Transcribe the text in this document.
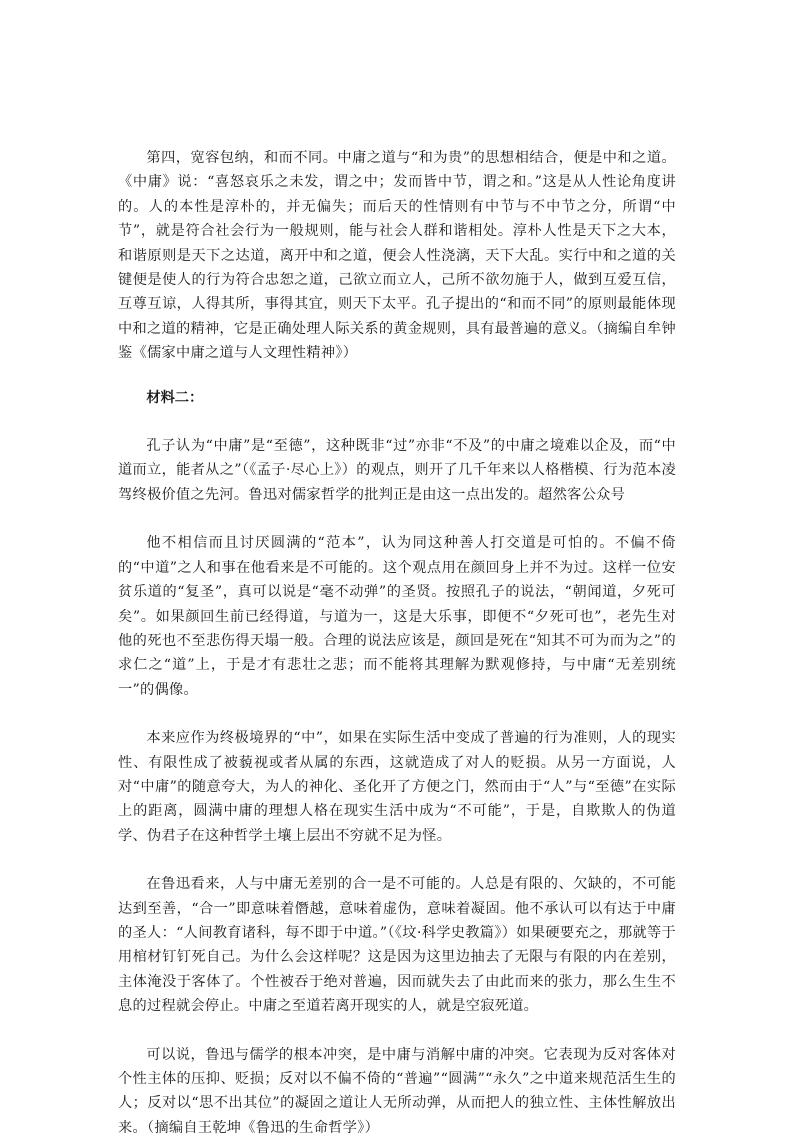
第四，宽容包纳，和而不同。中庸之道与“和为贵”的思想相结合，便是中和之道。《中庸》说：“喜怒哀乐之未发，谓之中；发而皆中节，谓之和。”这是从人性论角度讲的。人的本性是淳朴的，并无偏失；而后天的性情则有中节与不中节之分，所谓“中节”，就是符合社会行为一般规则，能与社会人群和谐相处。淳朴人性是天下之大本，和谐原则是天下之达道，离开中和之道，便会人性浇漓，天下大乱。实行中和之道的关键便是使人的行为符合忠恕之道，己欲立而立人，己所不欲勿施于人，做到互爱互信，互尊互谅，人得其所，事得其宜，则天下太平。孔子提出的“和而不同”的原则最能体现中和之道的精神，它是正确处理人际关系的黄金规则，具有最普遍的意义。（摘编自牟钟鉴《儒家中庸之道与人文理性精神》）

材料二：

孔子认为“中庸”是“至德”，这种既非“过”亦非“不及”的中庸之境难以企及，而“中道而立，能者从之”（《孟子·尽心上》）的观点，则开了几千年来以人格楷模、行为范本凌驾终极价值之先河。鲁迅对儒家哲学的批判正是由这一点出发的。超然客公众号

他不相信而且讨厌圆满的“范本”，认为同这种善人打交道是可怕的。不偏不倚的“中道”之人和事在他看来是不可能的。这个观点用在颜回身上并不为过。这样一位安贫乐道的“复圣”，真可以说是“毫不动弹”的圣贤。按照孔子的说法，“朝闻道，夕死可矣”。如果颜回生前已经得道，与道为一，这是大乐事，即便不“夕死可也”，老先生对他的死也不至悲伤得天塌一般。合理的说法应该是，颜回是死在“知其不可为而为之”的求仁之“道”上，于是才有悲壮之悲；而不能将其理解为默观修持，与中庸“无差别统一”的偶像。

本来应作为终极境界的“中”，如果在实际生活中变成了普遍的行为准则，人的现实性、有限性成了被藐视或者从属的东西，这就造成了对人的贬损。从另一方面说，人对“中庸”的随意夸大，为人的神化、圣化开了方便之门，然而由于“人”与“至德”在实际上的距离，圆满中庸的理想人格在现实生活中成为“不可能”，于是，自欺欺人的伪道学、伪君子在这种哲学土壤上层出不穷就不足为怪。

在鲁迅看来，人与中庸无差别的合一是不可能的。人总是有限的、欠缺的，不可能达到至善，“合一”即意味着僭越，意味着虚伪，意味着凝固。他不承认可以有达于中庸的圣人：“人间教育诸科，每不即于中道。”（《坟·科学史教篇》）如果硬要充之，那就等于用棺材钉钉死自己。为什么会这样呢？这是因为这里边抽去了无限与有限的内在差别，主体淹没于客体了。个性被吞于绝对普遍，因而就失去了由此而来的张力，那么生生不息的过程就会停止。中庸之至道若离开现实的人，就是空寂死道。

可以说，鲁迅与儒学的根本冲突，是中庸与消解中庸的冲突。它表现为反对客体对个性主体的压抑、贬损；反对以不偏不倚的“普遍”“圆满”“永久”之中道来规范活生生的人；反对以“思不出其位”的凝固之道让人无所动弹，从而把人的独立性、主体性解放出来。（摘编自王乾坤《鲁迅的生命哲学》）
